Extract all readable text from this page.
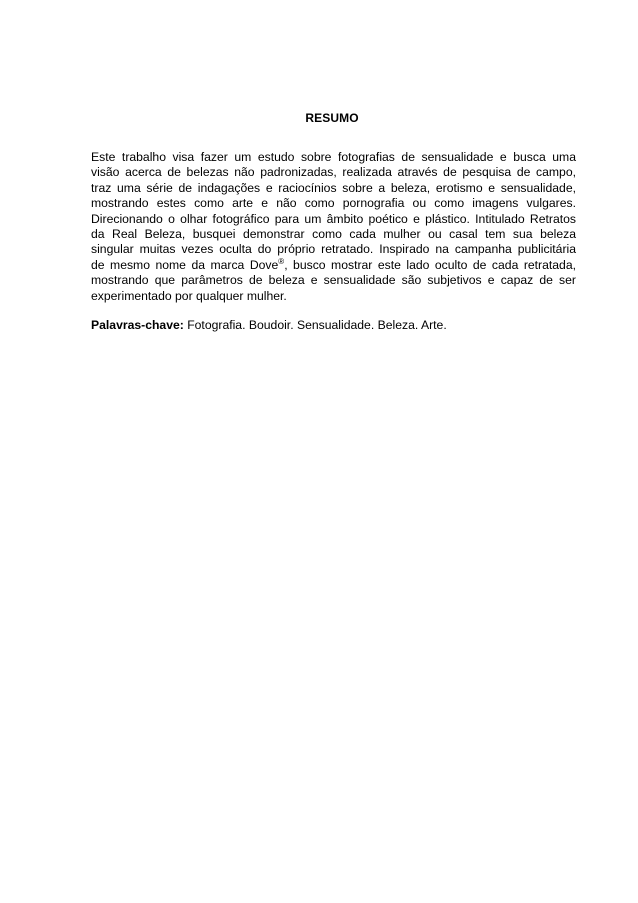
RESUMO
Este trabalho visa fazer um estudo sobre fotografias de sensualidade e busca uma
visão acerca de belezas não padronizadas, realizada através de pesquisa de campo,
traz uma série de indagações e raciocínios sobre a beleza, erotismo e sensualidade,
mostrando estes como arte e não como pornografia ou como imagens vulgares.
Direcionando o olhar fotográfico para um âmbito poético e plástico. Intitulado Retratos
da Real Beleza, busquei demonstrar como cada mulher ou casal tem sua beleza
singular muitas vezes oculta do próprio retratado. Inspirado na campanha publicitária
de mesmo nome da marca Dove®, busco mostrar este lado oculto de cada retratada,
mostrando que parâmetros de beleza e sensualidade são subjetivos e capaz de ser
experimentado por qualquer mulher.
Palavras-chave: Fotografia. Boudoir. Sensualidade. Beleza. Arte.
